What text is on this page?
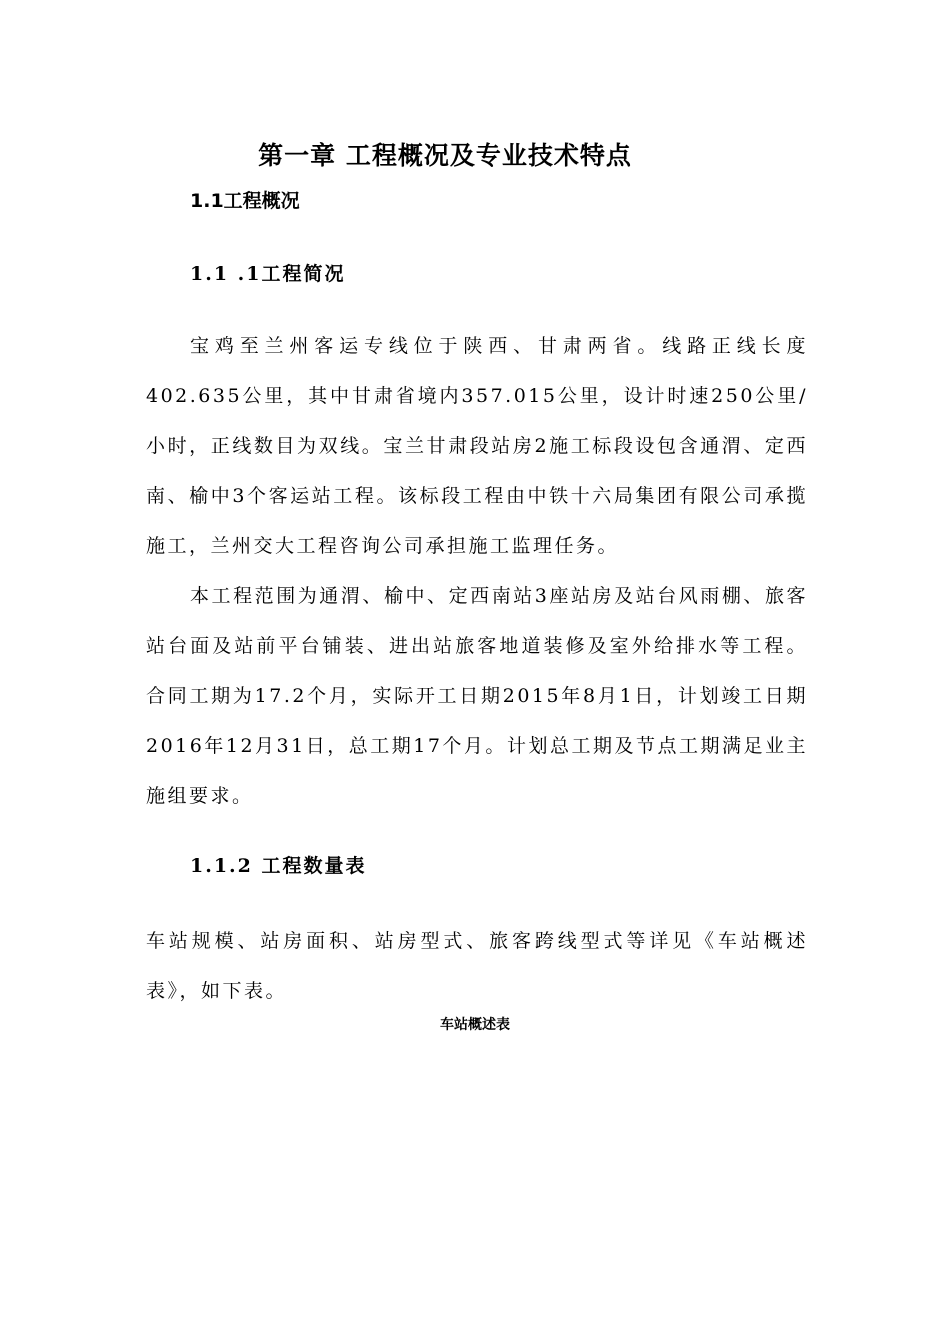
第一章 工程概况及专业技术特点
1.1工程概况
1.1 .1工程简况

宝鸡至兰州客运专线位于陕西、甘肃两省。线路正线长度402.635公里，其中甘肃省境内357.015公里，设计时速250公里/小时，正线数目为双线。宝兰甘肃段站房2施工标段设包含通渭、定西南、榆中3个客运站工程。该标段工程由中铁十六局集团有限公司承揽施工，兰州交大工程咨询公司承担施工监理任务。

本工程范围为通渭、榆中、定西南站3座站房及站台风雨棚、旅客站台面及站前平台铺装、进出站旅客地道装修及室外给排水等工程。合同工期为17.2个月，实际开工日期2015年8月1日，计划竣工日期2016年12月31日，总工期17个月。计划总工期及节点工期满足业主施组要求。

1.1.2 工程数量表

车站规模、站房面积、站房型式、旅客跨线型式等详见《车站概述表》，如下表。

车站概述表
